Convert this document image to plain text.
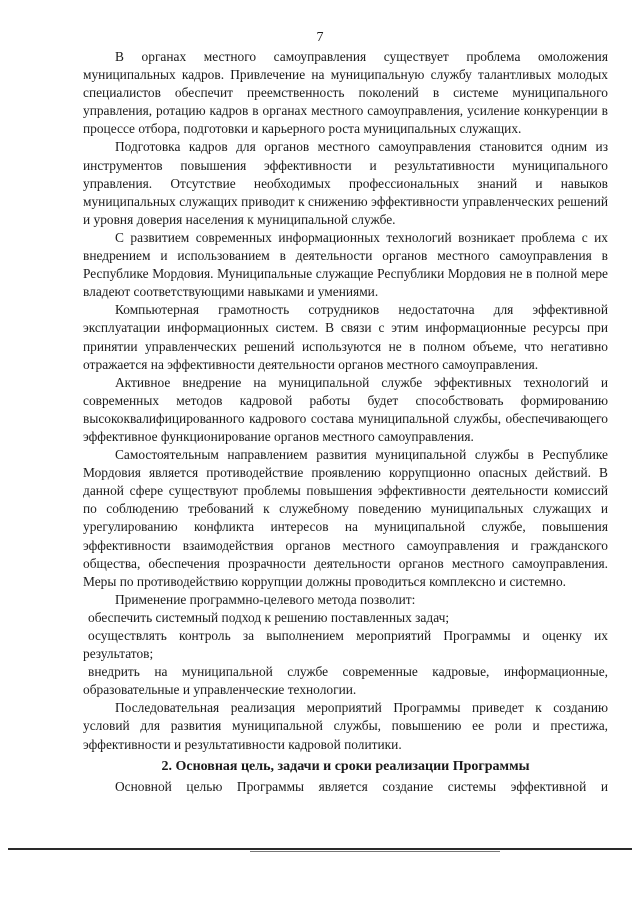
7

В органах местного самоуправления существует проблема омоложения муниципальных кадров. Привлечение на муниципальную службу талантливых молодых специалистов обеспечит преемственность поколений в системе муниципального управления, ротацию кадров в органах местного самоуправления, усиление конкуренции в процессе отбора, подготовки и карьерного роста муниципальных служащих.

Подготовка кадров для органов местного самоуправления становится одним из инструментов повышения эффективности и результативности муниципального управления. Отсутствие необходимых профессиональных знаний и навыков муниципальных служащих приводит к снижению эффективности управленческих решений и уровня доверия населения к муниципальной службе.

С развитием современных информационных технологий возникает проблема с их внедрением и использованием в деятельности органов местного самоуправления в Республике Мордовия. Муниципальные служащие Республики Мордовия не в полной мере владеют соответствующими навыками и умениями.

Компьютерная грамотность сотрудников недостаточна для эффективной эксплуатации информационных систем. В связи с этим информационные ресурсы при принятии управленческих решений используются не в полном объеме, что негативно отражается на эффективности деятельности органов местного самоуправления.

Активное внедрение на муниципальной службе эффективных технологий и современных методов кадровой работы будет способствовать формированию высококвалифицированного кадрового состава муниципальной службы, обеспечивающего эффективное функционирование органов местного самоуправления.

Самостоятельным направлением развития муниципальной службы в Республике Мордовия является противодействие проявлению коррупционно опасных действий. В данной сфере существуют проблемы повышения эффективности деятельности комиссий по соблюдению требований к служебному поведению муниципальных служащих и урегулированию конфликта интересов на муниципальной службе, повышения эффективности взаимодействия органов местного самоуправления и гражданского общества, обеспечения прозрачности деятельности органов местного самоуправления. Меры по противодействию коррупции должны проводиться комплексно и системно.

Применение программно-целевого метода позволит:

обеспечить системный подход к решению поставленных задач;

осуществлять контроль за выполнением мероприятий Программы и оценку их результатов;

внедрить на муниципальной службе современные кадровые, информационные, образовательные и управленческие технологии.

Последовательная реализация мероприятий Программы приведет к созданию условий для развития муниципальной службы, повышению ее роли и престижа, эффективности и результативности кадровой политики.

2. Основная цель, задачи и сроки реализации Программы

Основной целью Программы является создание системы эффективной и
